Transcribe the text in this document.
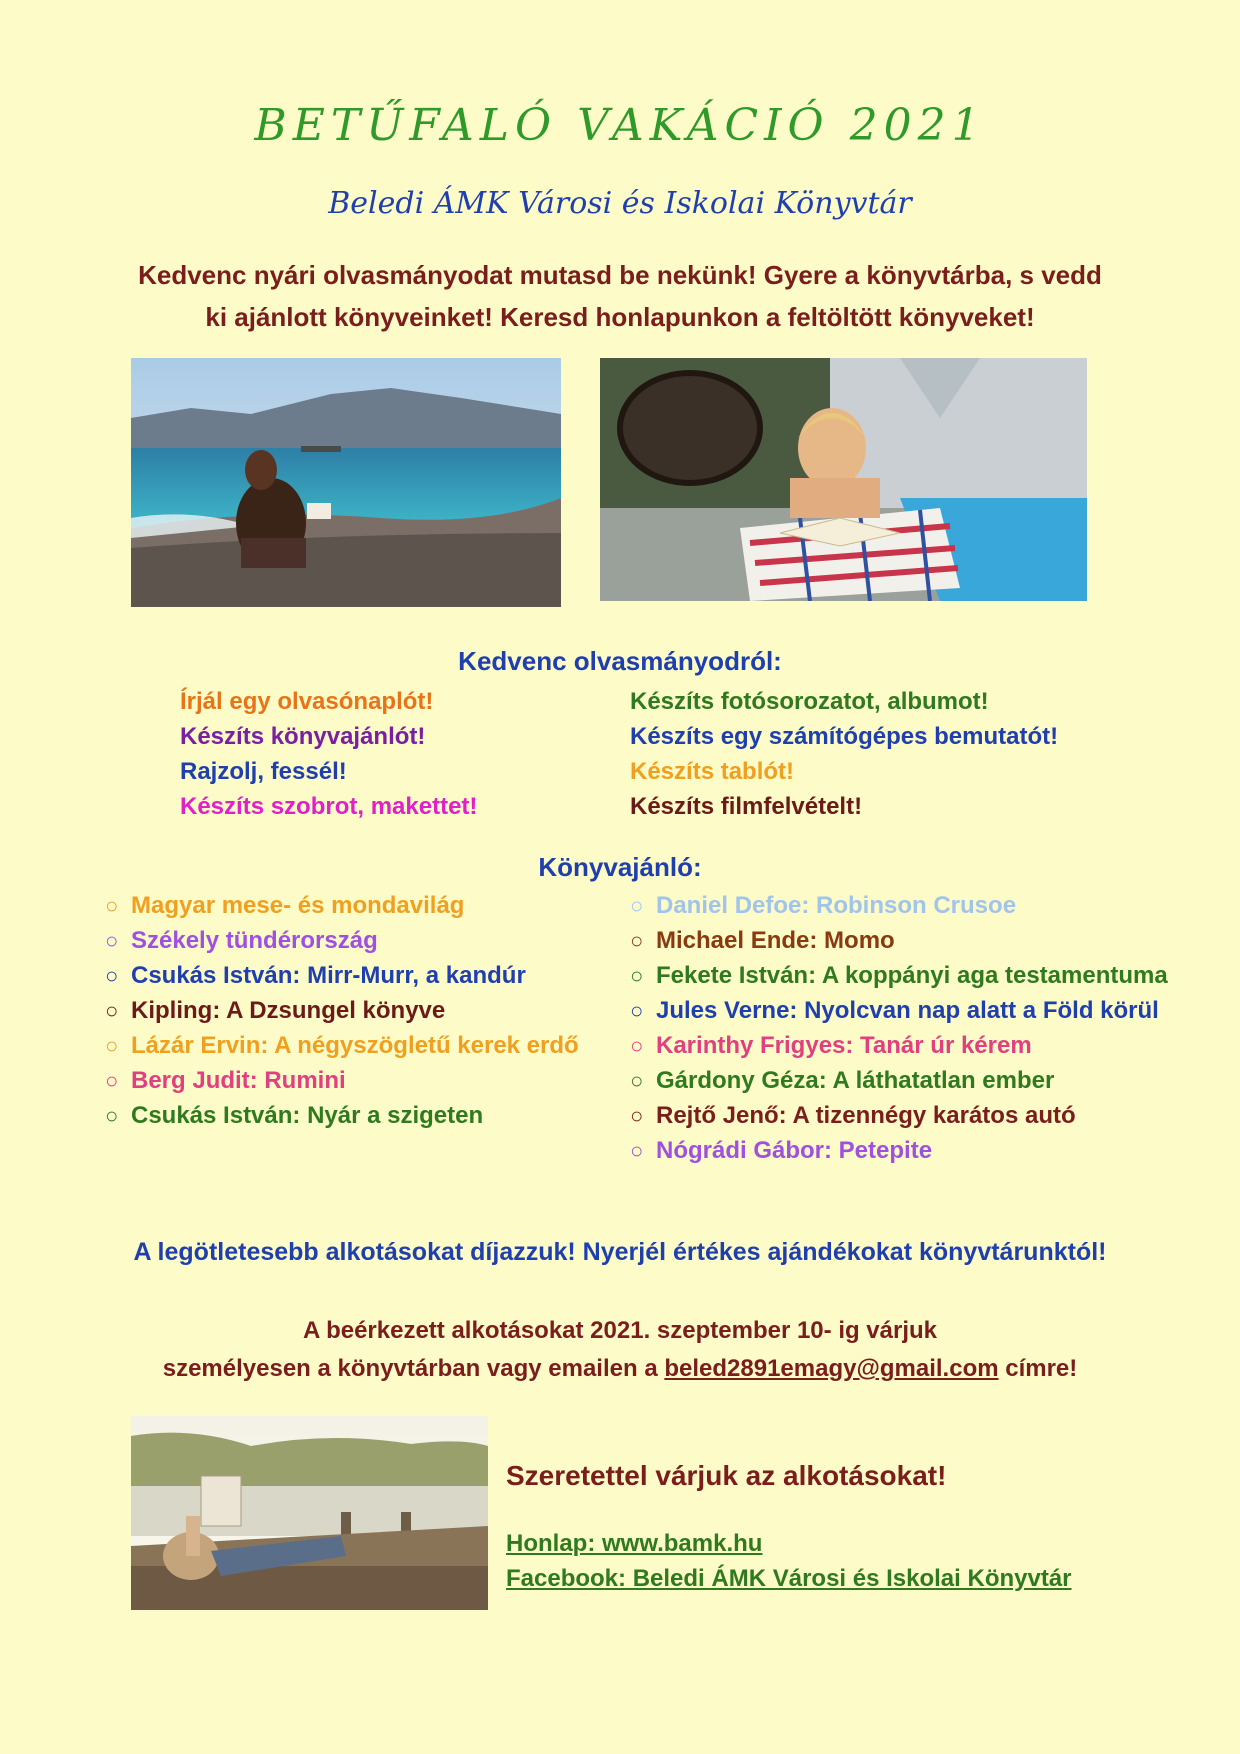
BETŰFALÓ VAKÁCIÓ 2021
Beledi ÁMK Városi és Iskolai Könyvtár
Kedvenc nyári olvasmányodat mutasd be nekünk! Gyere a könyvtárba, s vedd
ki ajánlott könyveinket! Keresd honlapunkon a feltöltött könyveket!
Kedvenc olvasmányodról:
Írjál egy olvasónaplót!	Készíts fotósorozatot, albumot!
Készíts könyvajánlót!	Készíts egy számítógépes bemutatót!
Rajzolj, fessél!	Készíts tablót!
Készíts szobrot, makettet!	Készíts filmfelvételt!
Könyvajánló:
○ Magyar mese- és mondavilág
○ Székely tündérország
○ Csukás István: Mirr-Murr, a kandúr
○ Kipling: A Dzsungel könyve
○ Lázár Ervin: A négyszögletű kerek erdő
○ Berg Judit: Rumini
○ Csukás István: Nyár a szigeten
○ Daniel Defoe: Robinson Crusoe
○ Michael Ende: Momo
○ Fekete István: A koppányi aga testamentuma
○ Jules Verne: Nyolcvan nap alatt a Föld körül
○ Karinthy Frigyes: Tanár úr kérem
○ Gárdony Géza: A láthatatlan ember
○ Rejtő Jenő: A tizennégy karátos autó
○ Nógrádi Gábor: Petepite
A legötletesebb alkotásokat díjazzuk! Nyerjél értékes ajándékokat könyvtárunktól!
A beérkezett alkotásokat 2021. szeptember 10- ig várjuk
személyesen a könyvtárban vagy emailen a beled2891emagy@gmail.com címre!
Szeretettel várjuk az alkotásokat!
Honlap: www.bamk.hu
Facebook: Beledi ÁMK Városi és Iskolai Könyvtár
